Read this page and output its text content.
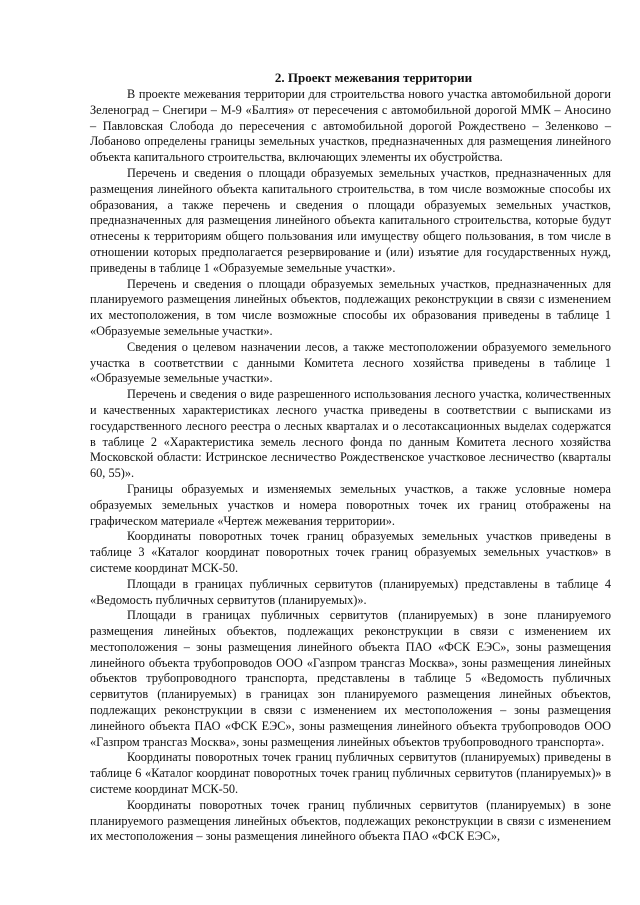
2. Проект межевания территории

В проекте межевания территории для строительства нового участка автомобильной дороги Зеленоград – Снегири – М-9 «Балтия» от пересечения с автомобильной дорогой ММК – Аносино – Павловская Слобода до пересечения с автомобильной дорогой Рождествено – Зеленково – Лобаново определены границы земельных участков, предназначенных для размещения линейного объекта капитального строительства, включающих элементы их обустройства.

Перечень и сведения о площади образуемых земельных участков, предназначенных для размещения линейного объекта капитального строительства, в том числе возможные способы их образования, а также перечень и сведения о площади образуемых земельных участков, предназначенных для размещения линейного объекта капитального строительства, которые будут отнесены к территориям общего пользования или имуществу общего пользования, в том числе в отношении которых предполагается резервирование и (или) изъятие для государственных нужд, приведены в таблице 1 «Образуемые земельные участки».

Перечень и сведения о площади образуемых земельных участков, предназначенных для планируемого размещения линейных объектов, подлежащих реконструкции в связи с изменением их местоположения, в том числе возможные способы их образования приведены в таблице 1 «Образуемые земельные участки».

Сведения о целевом назначении лесов, а также местоположении образуемого земельного участка в соответствии с данными Комитета лесного хозяйства приведены в таблице 1 «Образуемые земельные участки».

Перечень и сведения о виде разрешенного использования лесного участка, количественных и качественных характеристиках лесного участка приведены в соответствии с выписками из государственного лесного реестра о лесных кварталах и о лесотаксационных выделах содержатся в таблице 2 «Характеристика земель лесного фонда по данным Комитета лесного хозяйства Московской области: Истринское лесничество Рождественское участковое лесничество (кварталы 60, 55)».

Границы образуемых и изменяемых земельных участков, а также условные номера образуемых земельных участков и номера поворотных точек их границ отображены на графическом материале «Чертеж межевания территории».

Координаты поворотных точек границ образуемых земельных участков приведены в таблице 3 «Каталог координат поворотных точек границ образуемых земельных участков» в системе координат МСК-50.

Площади в границах публичных сервитутов (планируемых) представлены в таблице 4 «Ведомость публичных сервитутов (планируемых)».

Площади в границах публичных сервитутов (планируемых) в зоне планируемого размещения линейных объектов, подлежащих реконструкции в связи с изменением их местоположения – зоны размещения линейного объекта ПАО «ФСК ЕЭС», зоны размещения линейного объекта трубопроводов ООО «Газпром трансгаз Москва», зоны размещения линейных объектов трубопроводного транспорта, представлены в таблице 5 «Ведомость публичных сервитутов (планируемых) в границах зон планируемого размещения линейных объектов, подлежащих реконструкции в связи с изменением их местоположения – зоны размещения линейного объекта ПАО «ФСК ЕЭС», зоны размещения линейного объекта трубопроводов ООО «Газпром трансгаз Москва», зоны размещения линейных объектов трубопроводного транспорта».

Координаты поворотных точек границ публичных сервитутов (планируемых) приведены в таблице 6 «Каталог координат поворотных точек границ публичных сервитутов (планируемых)» в системе координат МСК-50.

Координаты поворотных точек границ публичных сервитутов (планируемых) в зоне планируемого размещения линейных объектов, подлежащих реконструкции в связи с изменением их местоположения – зоны размещения линейного объекта ПАО «ФСК ЕЭС»,
